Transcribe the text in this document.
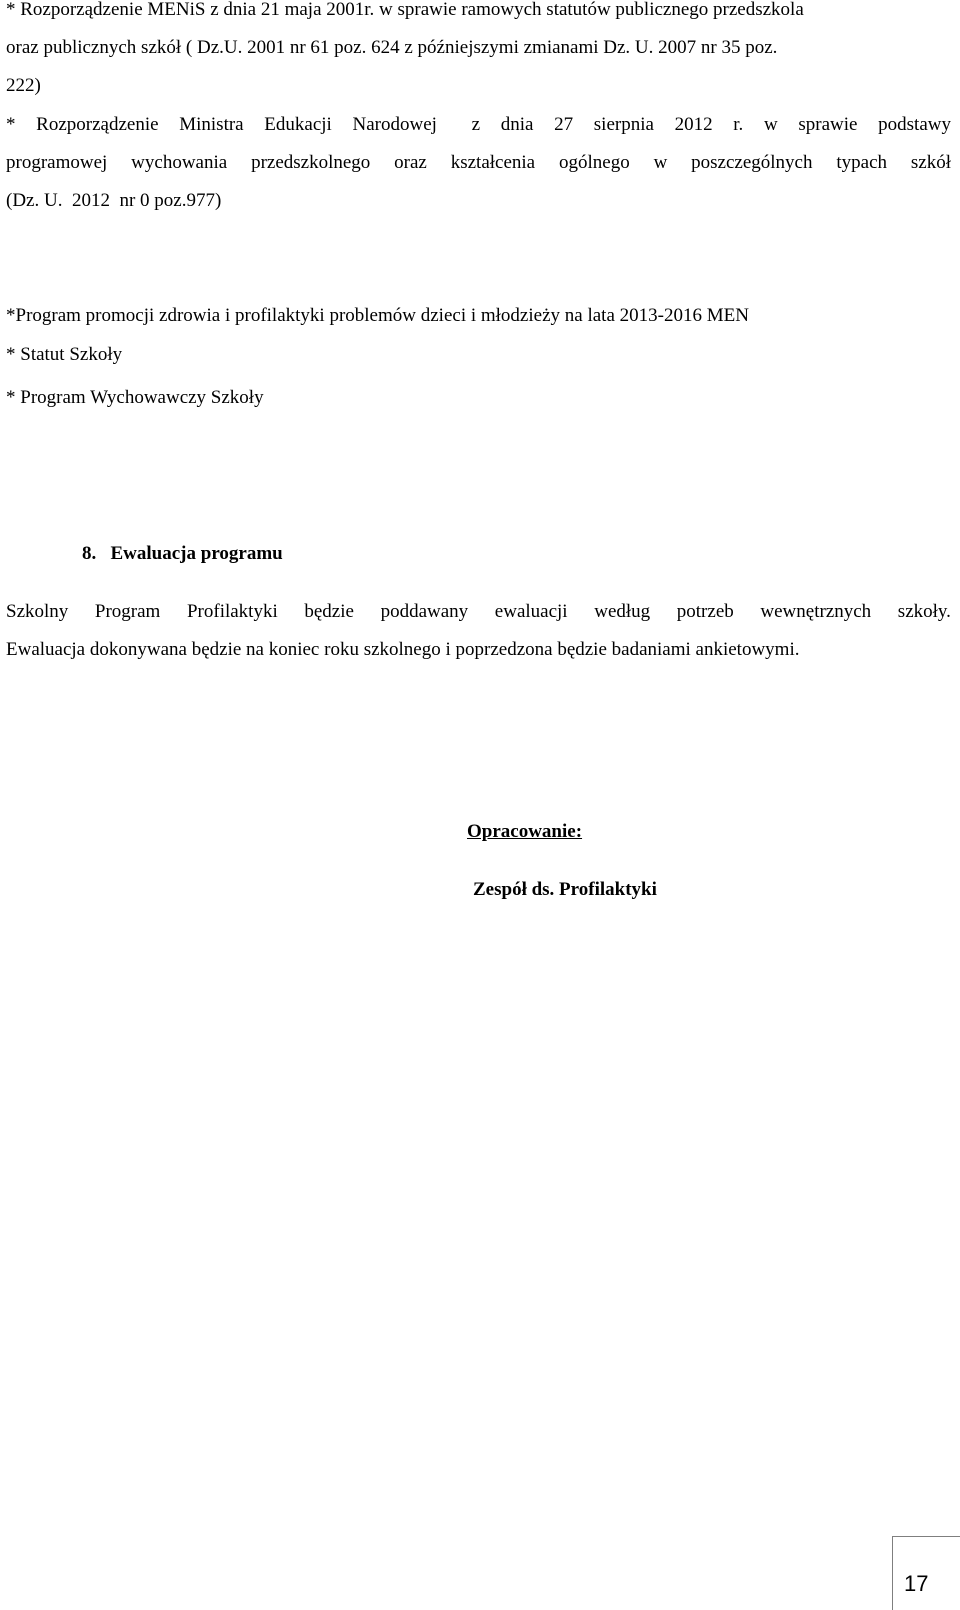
* Rozporządzenie MENiS z dnia 21 maja 2001r. w sprawie ramowych statutów publicznego przedszkola
oraz publicznych szkół ( Dz.U. 2001 nr 61 poz. 624 z późniejszymi zmianami Dz. U. 2007 nr 35 poz.
222)
* Rozporządzenie Ministra Edukacji Narodowej z dnia 27 sierpnia 2012 r. w sprawie podstawy
programowej wychowania przedszkolnego oraz kształcenia ogólnego w poszczególnych typach szkół
(Dz. U.  2012  nr 0 poz.977)
*Program promocji zdrowia i profilaktyki problemów dzieci i młodzieży na lata 2013-2016 MEN
* Statut Szkoły
* Program Wychowawczy Szkoły

8.   Ewaluacja programu

Szkolny Program Profilaktyki będzie poddawany ewaluacji według potrzeb wewnętrznych szkoły.
Ewaluacja dokonywana będzie na koniec roku szkolnego i poprzedzona będzie badaniami ankietowymi.

Opracowanie:

Zespół ds. Profilaktyki

17
